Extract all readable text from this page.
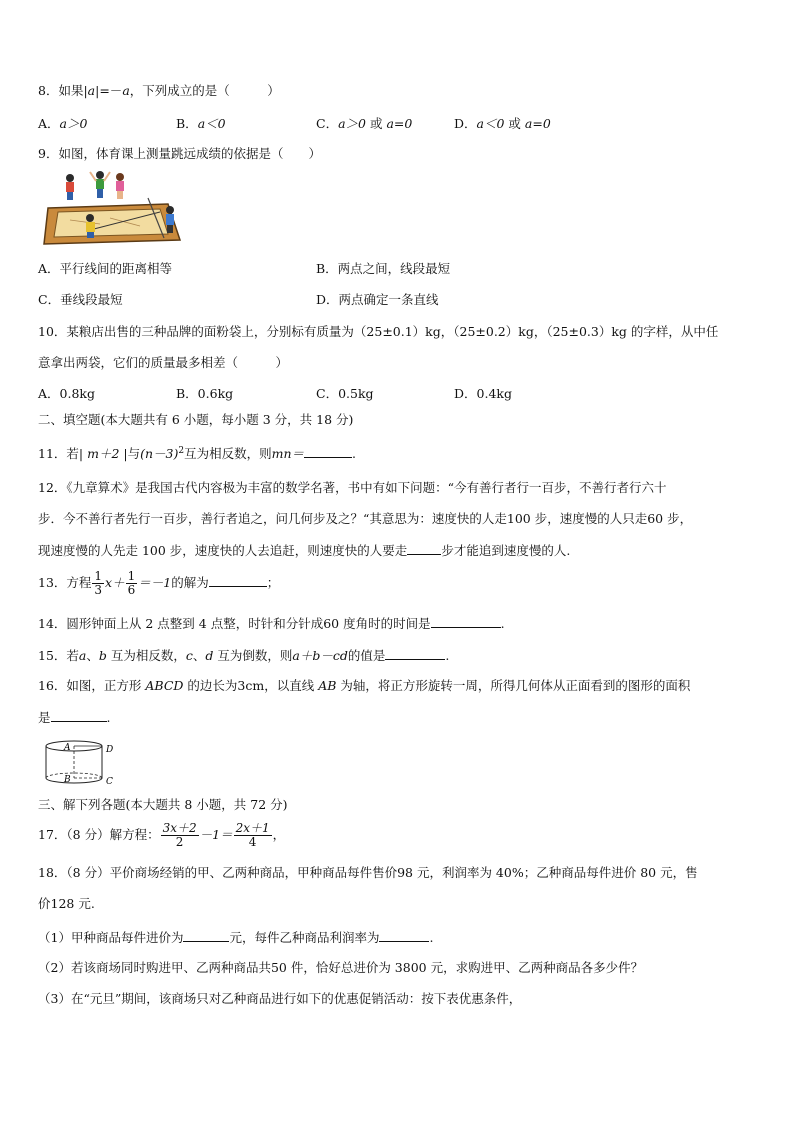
8．如果|a|=－a，下列成立的是（　　　）
A．a＞0	B．a＜0	C．a＞0 或 a=0	D．a＜0 或 a=0
9．如图，体育课上测量跳远成绩的依据是（　　）
A．平行线间的距离相等	B．两点之间，线段最短
C．垂线段最短	D．两点确定一条直线
10．某粮店出售的三种品牌的面粉袋上，分别标有质量为（25±0.1）kg，（25±0.2）kg，（25±0.3）kg 的字样，从中任
意拿出两袋，它们的质量最多相差（　　　）
A．0.8kg	B．0.6kg	C．0.5kg	D．0.4kg
二、填空题(本大题共有 6 小题，每小题 3 分，共 18 分)
11．若| m＋2 |与$(n-3)^2$互为相反数，则mn＝	.
12．《九章算术》是我国古代内容极为丰富的数学名著，书中有如下问题：“今有善行者行一百步，不善行者行六十
步．今不善行者先行一百步，善行者追之，问几何步及之？“其意思为：速度快的人走100 步，速度慢的人只走60 步，
现速度慢的人先走 100 步，速度快的人去追赶，则速度快的人要走	步才能追到速度慢的人.
13．方程 $\frac{1}{3} x+ \frac{1}{6} =-1$的解为	；
14．圆形钟面上从 2 点整到 4 点整，时针和分针成60 度角时的时间是	.
15．若a、b 互为相反数，c、d 互为倒数，则a＋b－cd的值是	.
16．如图，正方形 ABCD 的边长为3cm，以直线 AB 为轴，将正方形旋转一周，所得几何体从正面看到的图形的面积
是	.
A
B
D
C
三、解下列各题(本大题共 8 小题，共 72 分)
17．（8 分）解方程： $\frac{3x+2}{2} -1= \frac{2x+1}{4}$ ，
18．（8 分）平价商场经销的甲、乙两种商品，甲种商品每件售价98 元，利润率为 40%；乙种商品每件进价 80 元，售
价128 元.
（1）甲种商品每件进价为	元，每件乙种商品利润率为	.
（2）若该商场同时购进甲、乙两种商品共50 件，恰好总进价为 3800 元，求购进甲、乙两种商品各多少件？
（3）在“元旦”期间，该商场只对乙种商品进行如下的优惠促销活动：按下表优惠条件，
